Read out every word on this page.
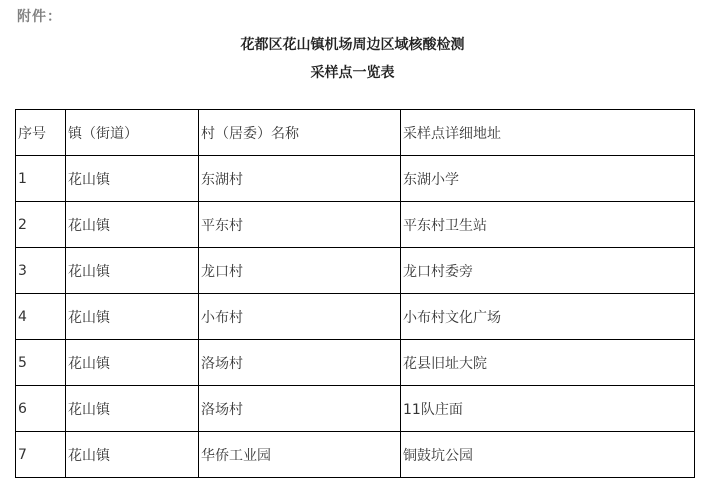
附件：
花都区花山镇机场周边区域核酸检测
采样点一览表
序号	镇（街道）	村（居委）名称	采样点详细地址
1	花山镇	东湖村	东湖小学
2	花山镇	平东村	平东村卫生站
3	花山镇	龙口村	龙口村委旁
4	花山镇	小布村	小布村文化广场
5	花山镇	洛场村	花县旧址大院
6	花山镇	洛场村	11队庄面
7	花山镇	华侨工业园	铜鼓坑公园
